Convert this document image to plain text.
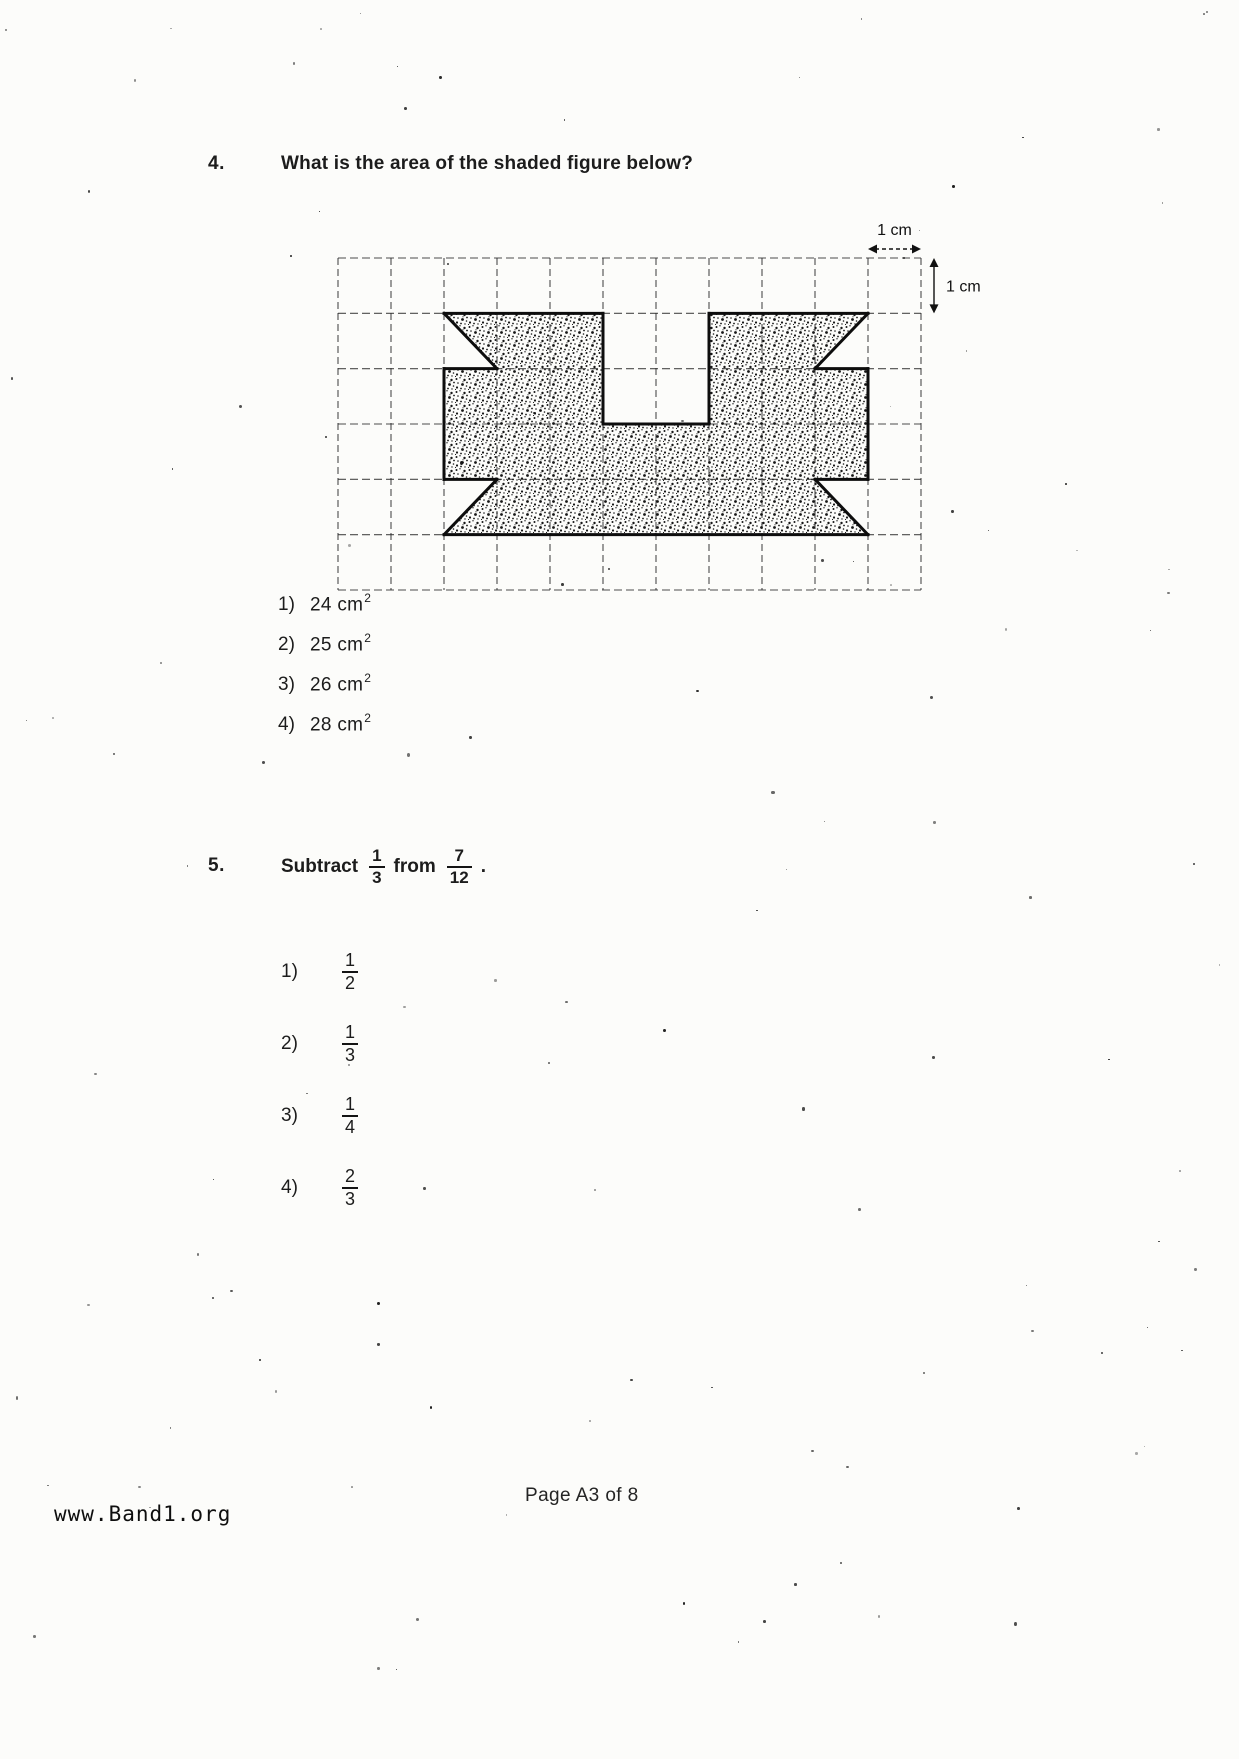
4.	What is the area of the shaded figure below?
1 cm
1 cm
1) 24 $cm^2$
2) 25 $cm^2$
3) 26 $cm^2$
4) 28 $cm^2$
5.	Subtract $\frac{1}{3}$ from $\frac{7}{12}$ .
1)	$\frac{1}{2}$
2)	$\frac{1}{3}$
3)	$\frac{1}{4}$
4)	$\frac{2}{3}$
Page A3 of 8
www.Band1.org
